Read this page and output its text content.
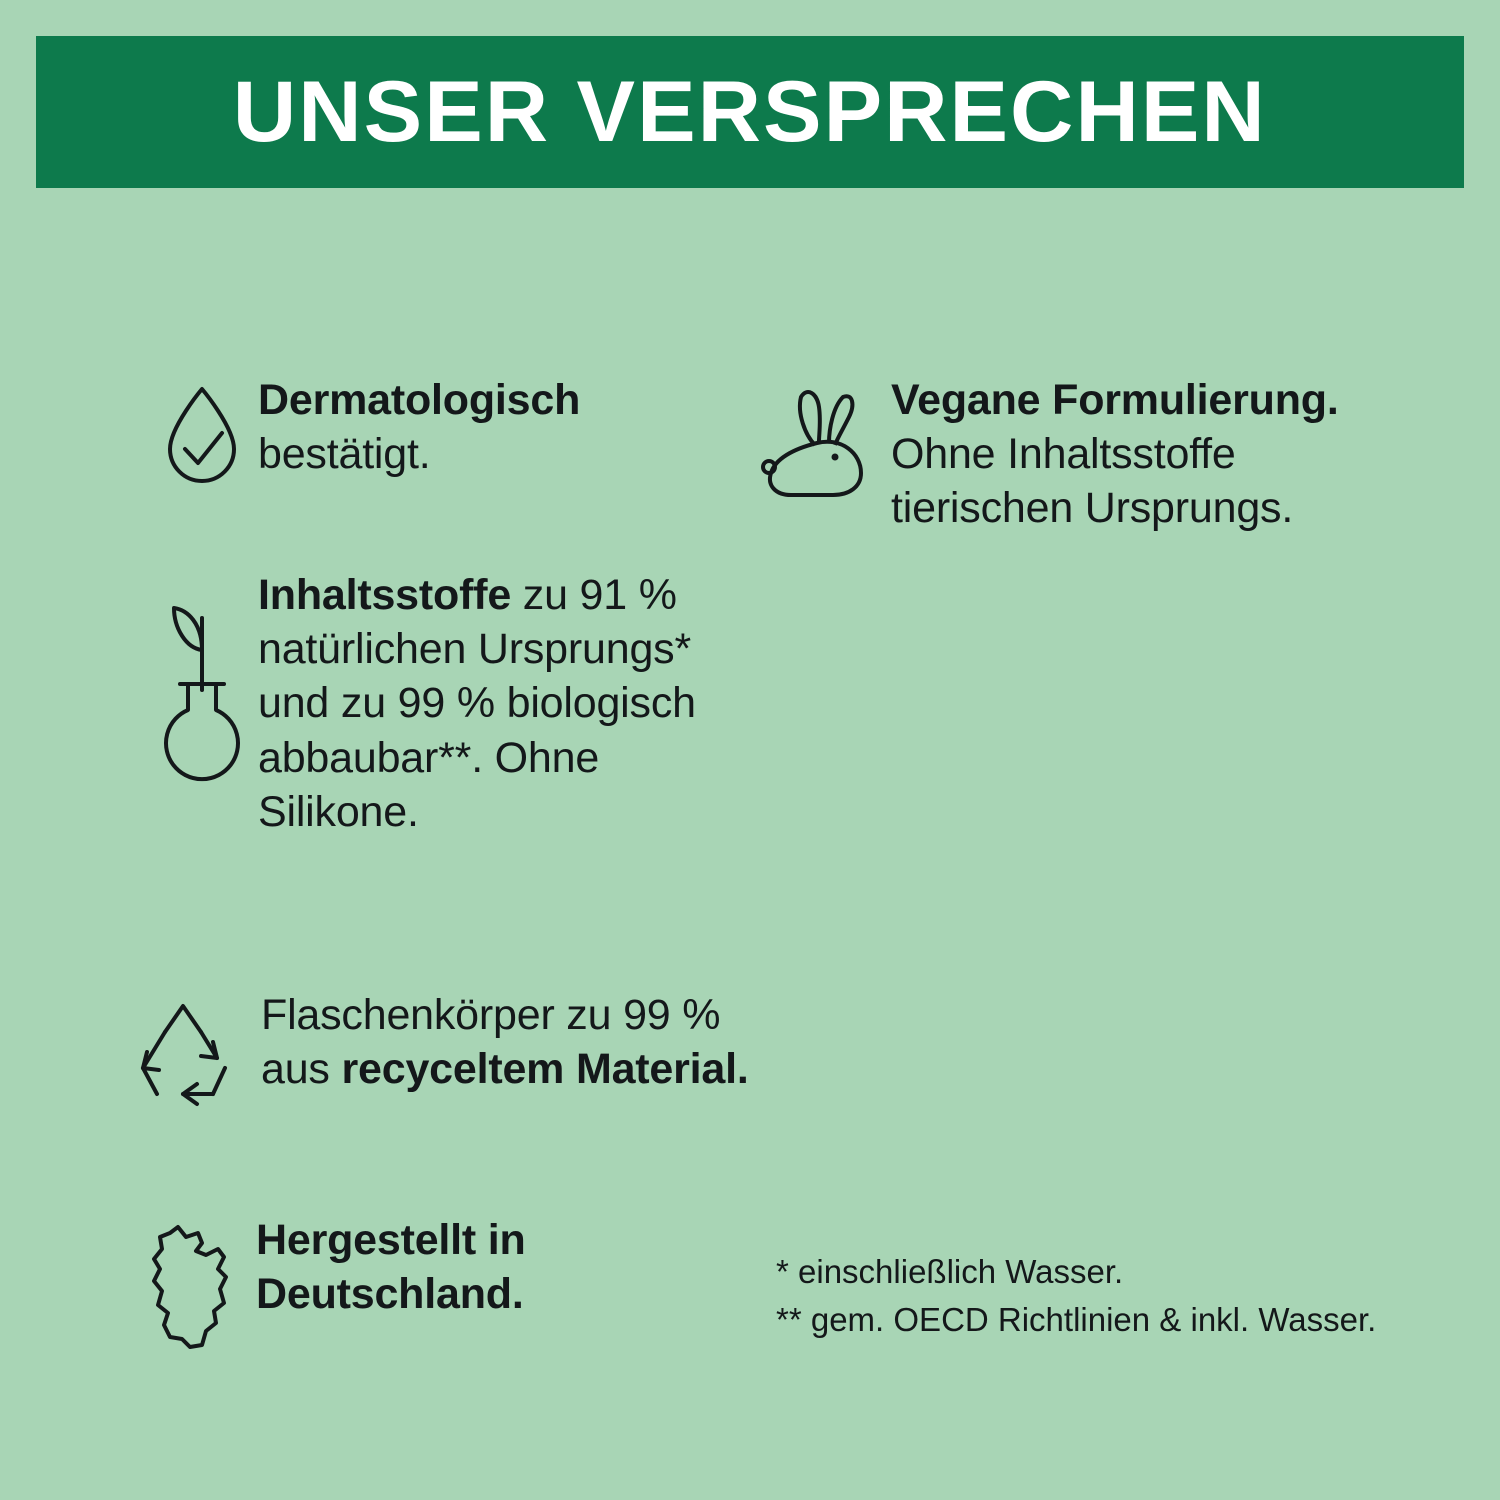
UNSER VERSPRECHEN
Dermatologisch bestätigt.
Inhaltsstoffe zu 91 % natürlichen Ursprungs* und zu 99 % biologisch abbaubar**. Ohne Silikone.
Flaschenkörper zu 99 % aus recyceltem Material.
Hergestellt in Deutschland.
Vegane Formulierung. Ohne Inhaltsstoffe tierischen Ursprungs.
* einschließlich Wasser.
** gem. OECD Richtlinien & inkl. Wasser.
